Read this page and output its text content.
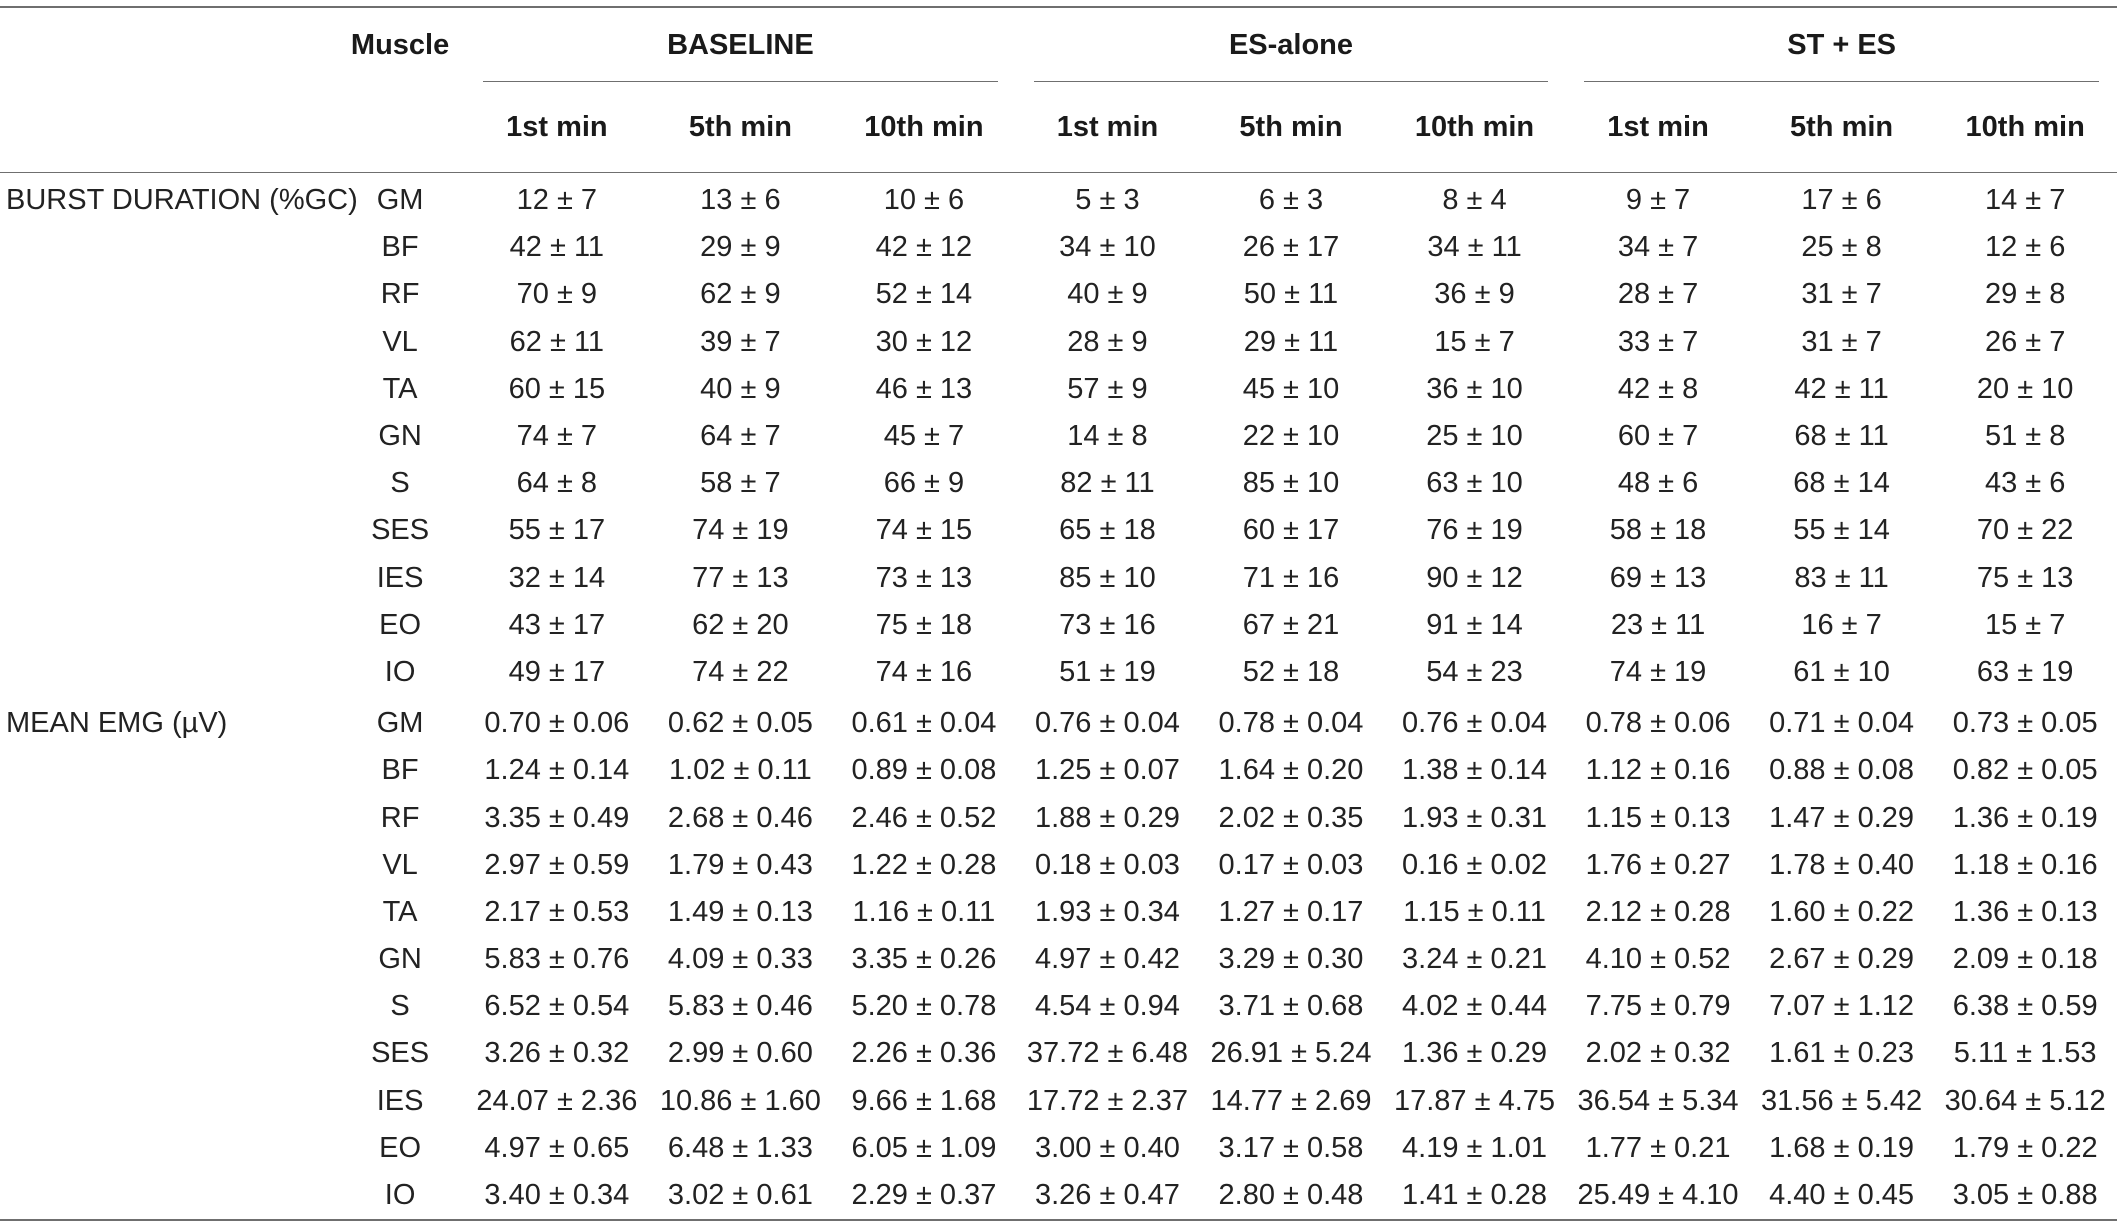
	Muscle	BASELINE			ES-alone			ST + ES		

		1st min	5th min	10th min	1st min	5th min	10th min	1st min	5th min	10th min
BURST DURATION (%GC)	GM	12 ± 7	13 ± 6	10 ± 6	5 ± 3	6 ± 3	8 ± 4	9 ± 7	17 ± 6	14 ± 7
	BF	42 ± 11	29 ± 9	42 ± 12	34 ± 10	26 ± 17	34 ± 11	34 ± 7	25 ± 8	12 ± 6
	RF	70 ± 9	62 ± 9	52 ± 14	40 ± 9	50 ± 11	36 ± 9	28 ± 7	31 ± 7	29 ± 8
	VL	62 ± 11	39 ± 7	30 ± 12	28 ± 9	29 ± 11	15 ± 7	33 ± 7	31 ± 7	26 ± 7
	TA	60 ± 15	40 ± 9	46 ± 13	57 ± 9	45 ± 10	36 ± 10	42 ± 8	42 ± 11	20 ± 10
	GN	74 ± 7	64 ± 7	45 ± 7	14 ± 8	22 ± 10	25 ± 10	60 ± 7	68 ± 11	51 ± 8
	S	64 ± 8	58 ± 7	66 ± 9	82 ± 11	85 ± 10	63 ± 10	48 ± 6	68 ± 14	43 ± 6
	SES	55 ± 17	74 ± 19	74 ± 15	65 ± 18	60 ± 17	76 ± 19	58 ± 18	55 ± 14	70 ± 22
	IES	32 ± 14	77 ± 13	73 ± 13	85 ± 10	71 ± 16	90 ± 12	69 ± 13	83 ± 11	75 ± 13
	EO	43 ± 17	62 ± 20	75 ± 18	73 ± 16	67 ± 21	91 ± 14	23 ± 11	16 ± 7	15 ± 7
	IO	49 ± 17	74 ± 22	74 ± 16	51 ± 19	52 ± 18	54 ± 23	74 ± 19	61 ± 10	63 ± 19
MEAN EMG (µV)	GM	0.70 ± 0.06	0.62 ± 0.05	0.61 ± 0.04	0.76 ± 0.04	0.78 ± 0.04	0.76 ± 0.04	0.78 ± 0.06	0.71 ± 0.04	0.73 ± 0.05
	BF	1.24 ± 0.14	1.02 ± 0.11	0.89 ± 0.08	1.25 ± 0.07	1.64 ± 0.20	1.38 ± 0.14	1.12 ± 0.16	0.88 ± 0.08	0.82 ± 0.05
	RF	3.35 ± 0.49	2.68 ± 0.46	2.46 ± 0.52	1.88 ± 0.29	2.02 ± 0.35	1.93 ± 0.31	1.15 ± 0.13	1.47 ± 0.29	1.36 ± 0.19
	VL	2.97 ± 0.59	1.79 ± 0.43	1.22 ± 0.28	0.18 ± 0.03	0.17 ± 0.03	0.16 ± 0.02	1.76 ± 0.27	1.78 ± 0.40	1.18 ± 0.16
	TA	2.17 ± 0.53	1.49 ± 0.13	1.16 ± 0.11	1.93 ± 0.34	1.27 ± 0.17	1.15 ± 0.11	2.12 ± 0.28	1.60 ± 0.22	1.36 ± 0.13
	GN	5.83 ± 0.76	4.09 ± 0.33	3.35 ± 0.26	4.97 ± 0.42	3.29 ± 0.30	3.24 ± 0.21	4.10 ± 0.52	2.67 ± 0.29	2.09 ± 0.18
	S	6.52 ± 0.54	5.83 ± 0.46	5.20 ± 0.78	4.54 ± 0.94	3.71 ± 0.68	4.02 ± 0.44	7.75 ± 0.79	7.07 ± 1.12	6.38 ± 0.59
	SES	3.26 ± 0.32	2.99 ± 0.60	2.26 ± 0.36	37.72 ± 6.48	26.91 ± 5.24	1.36 ± 0.29	2.02 ± 0.32	1.61 ± 0.23	5.11 ± 1.53
	IES	24.07 ± 2.36	10.86 ± 1.60	9.66 ± 1.68	17.72 ± 2.37	14.77 ± 2.69	17.87 ± 4.75	36.54 ± 5.34	31.56 ± 5.42	30.64 ± 5.12
	EO	4.97 ± 0.65	6.48 ± 1.33	6.05 ± 1.09	3.00 ± 0.40	3.17 ± 0.58	4.19 ± 1.01	1.77 ± 0.21	1.68 ± 0.19	1.79 ± 0.22
	IO	3.40 ± 0.34	3.02 ± 0.61	2.29 ± 0.37	3.26 ± 0.47	2.80 ± 0.48	1.41 ± 0.28	25.49 ± 4.10	4.40 ± 0.45	3.05 ± 0.88
